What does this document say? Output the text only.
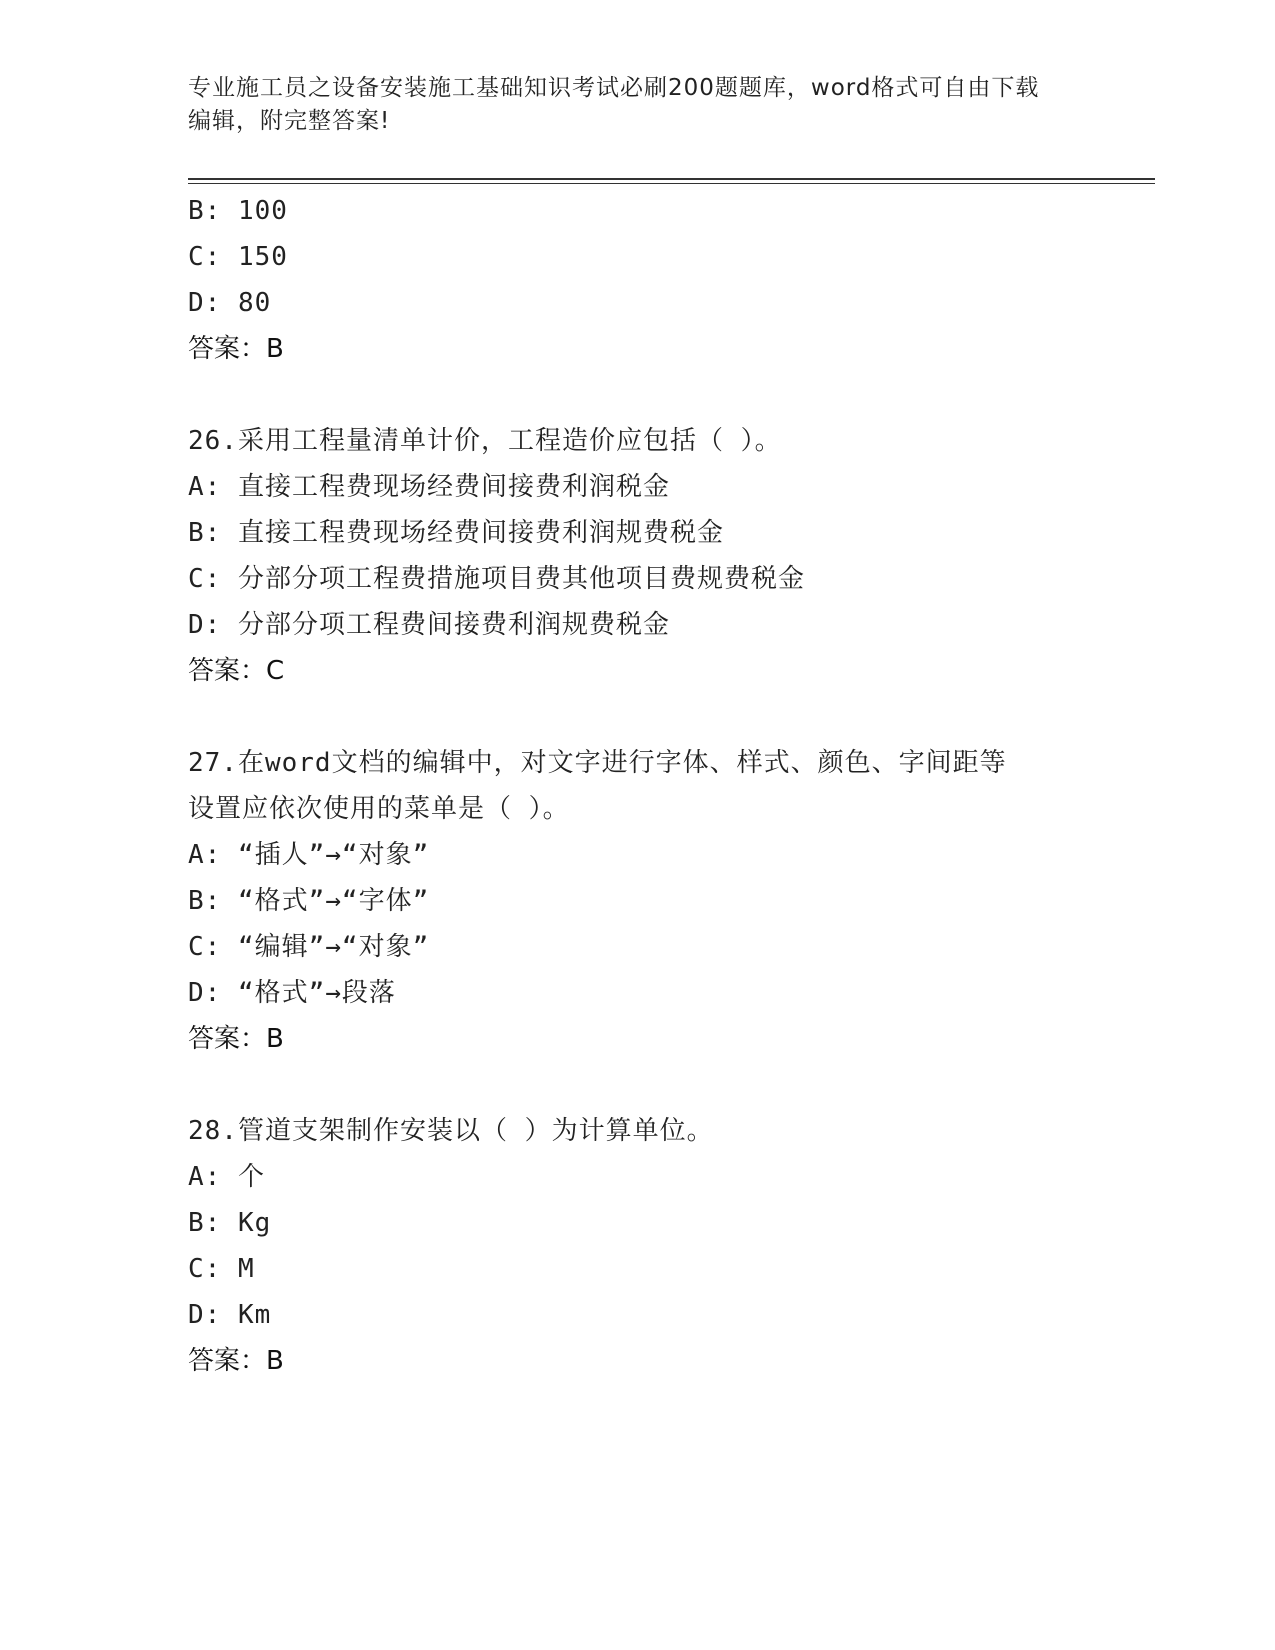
专业施工员之设备安装施工基础知识考试必刷200题题库，word格式可自由下载
编辑，附完整答案!
B: 100
C: 150
D: 80
答案：B
26.采用工程量清单计价，工程造价应包括（ ）。
A: 直接工程费现场经费间接费利润税金
B: 直接工程费现场经费间接费利润规费税金
C: 分部分项工程费措施项目费其他项目费规费税金
D: 分部分项工程费间接费利润规费税金
答案：C
27.在word文档的编辑中，对文字进行字体、样式、颜色、字间距等
设置应依次使用的菜单是（ ）。
A: “插人”→“对象”
B: “格式”→“字体”
C: “编辑”→“对象”
D: “格式”→段落
答案：B
28.管道支架制作安装以（ ）为计算单位。
A: 个
B: Kg
C: M
D: Km
答案：B
